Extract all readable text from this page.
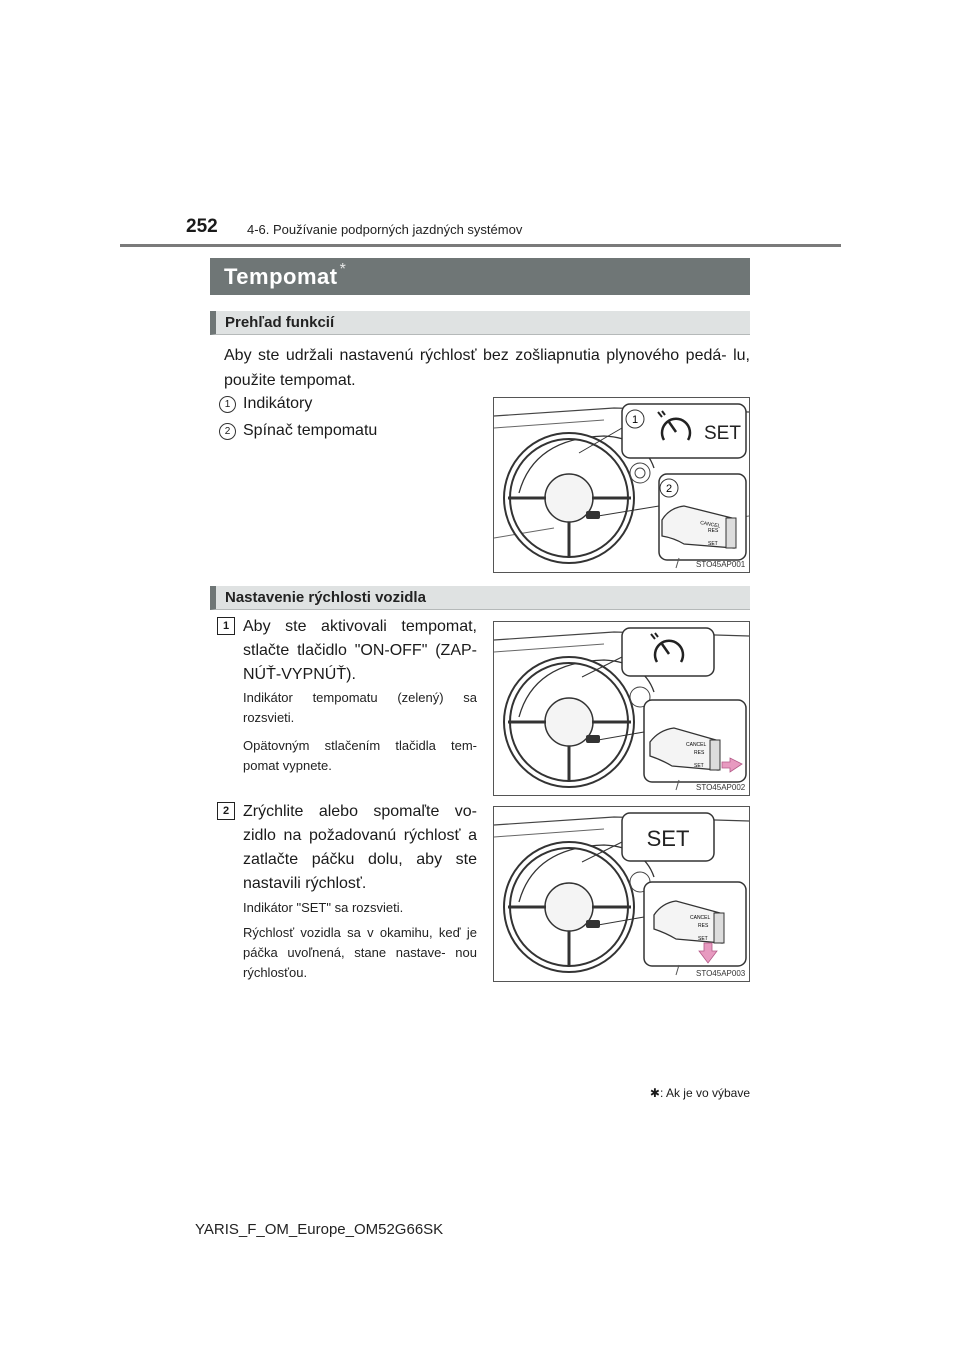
252 4-6. Používanie podporných jazdných systémov
Tempomat *
Prehľad funkcií
Aby ste udržali nastavenú rýchlosť bez zošliapnutia plynového pedá- lu, použite tempomat.
1 Indikátory
2 Spínač tempomatu
1
SET
2
CANCEL
RES
SET
STO45AP001
Nastavenie rýchlosti vozidla
1 Aby ste aktivovali tempomat, stlačte tlačidlo "ON-OFF" (ZAP- NÚŤ-VYPNÚŤ).
Indikátor tempomatu (zelený) sa rozsvieti.
Opätovným stlačením tlačidla tem- pomat vypnete.
CANCEL
RES
SET
STO45AP002
2 Zrýchlite alebo spomaľte vo- zidlo na požadovanú rýchlosť a zatlačte páčku dolu, aby ste nastavili rýchlosť.
Indikátor "SET" sa rozsvieti.
Rýchlosť vozidla sa v okamihu, keď je páčka uvoľnená, stane nastave- nou rýchlosťou.
SET
CANCEL
RES
SET
STO45AP003
✱: Ak je vo výbave
YARIS_F_OM_Europe_OM52G66SK
